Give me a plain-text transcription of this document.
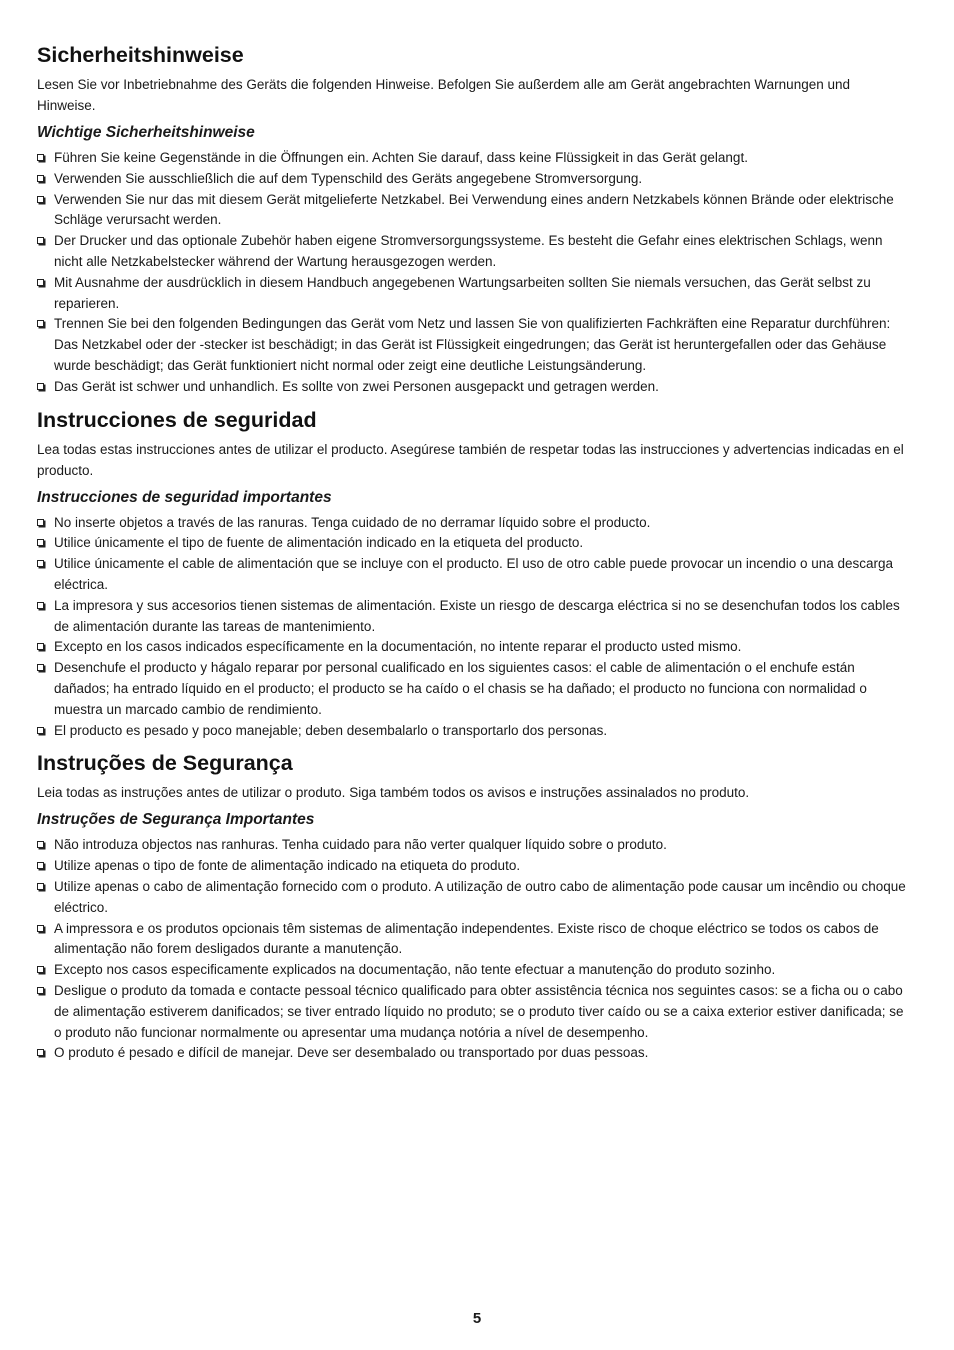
Sicherheitshinweise

Lesen Sie vor Inbetriebnahme des Geräts die folgenden Hinweise. Befolgen Sie außerdem alle am Gerät angebrachten Warnungen und Hinweise.

Wichtige Sicherheitshinweise
Führen Sie keine Gegenstände in die Öffnungen ein. Achten Sie darauf, dass keine Flüssigkeit in das Gerät gelangt.
Verwenden Sie ausschließlich die auf dem Typenschild des Geräts angegebene Stromversorgung.
Verwenden Sie nur das mit diesem Gerät mitgelieferte Netzkabel. Bei Verwendung eines andern Netzkabels können Brände oder elektrische Schläge verursacht werden.
Der Drucker und das optionale Zubehör haben eigene Stromversorgungssysteme. Es besteht die Gefahr eines elektrischen Schlags, wenn nicht alle Netzkabelstecker während der Wartung herausgezogen werden.
Mit Ausnahme der ausdrücklich in diesem Handbuch angegebenen Wartungsarbeiten sollten Sie niemals versuchen, das Gerät selbst zu reparieren.
Trennen Sie bei den folgenden Bedingungen das Gerät vom Netz und lassen Sie von qualifizierten Fachkräften eine Reparatur durchführen: Das Netzkabel oder der -stecker ist beschädigt; in das Gerät ist Flüssigkeit eingedrungen; das Gerät ist heruntergefallen oder das Gehäuse wurde beschädigt; das Gerät funktioniert nicht normal oder zeigt eine deutliche Leistungsänderung.
Das Gerät ist schwer und unhandlich. Es sollte von zwei Personen ausgepackt und getragen werden.
Instrucciones de seguridad

Lea todas estas instrucciones antes de utilizar el producto. Asegúrese también de respetar todas las instrucciones y advertencias indicadas en el producto.

Instrucciones de seguridad importantes
No inserte objetos a través de las ranuras. Tenga cuidado de no derramar líquido sobre el producto.
Utilice únicamente el tipo de fuente de alimentación indicado en la etiqueta del producto.
Utilice únicamente el cable de alimentación que se incluye con el producto. El uso de otro cable puede provocar un incendio o una descarga eléctrica.
La impresora y sus accesorios tienen sistemas de alimentación. Existe un riesgo de descarga eléctrica si no se desenchufan todos los cables de alimentación durante las tareas de mantenimiento.
Excepto en los casos indicados específicamente en la documentación, no intente reparar el producto usted mismo.
Desenchufe el producto y hágalo reparar por personal cualificado en los siguientes casos: el cable de alimentación o el enchufe están dañados; ha entrado líquido en el producto; el producto se ha caído o el chasis se ha dañado; el producto no funciona con normalidad o muestra un marcado cambio de rendimiento.
El producto es pesado y poco manejable; deben desembalarlo o transportarlo dos personas.
Instruções de Segurança

Leia todas as instruções antes de utilizar o produto. Siga também todos os avisos e instruções assinalados no produto.

Instruções de Segurança Importantes
Não introduza objectos nas ranhuras. Tenha cuidado para não verter qualquer líquido sobre o produto.
Utilize apenas o tipo de fonte de alimentação indicado na etiqueta do produto.
Utilize apenas o cabo de alimentação fornecido com o produto. A utilização de outro cabo de alimentação pode causar um incêndio ou choque eléctrico.
A impressora e os produtos opcionais têm sistemas de alimentação independentes. Existe risco de choque eléctrico se todos os cabos de alimentação não forem desligados durante a manutenção.
Excepto nos casos especificamente explicados na documentação, não tente efectuar a manutenção do produto sozinho.
Desligue o produto da tomada e contacte pessoal técnico qualificado para obter assistência técnica nos seguintes casos: se a ficha ou o cabo de alimentação estiverem danificados; se tiver entrado líquido no produto; se o produto tiver caído ou se a caixa exterior estiver danificada; se o produto não funcionar normalmente ou apresentar uma mudança notória a nível de desempenho.
O produto é pesado e difícil de manejar. Deve ser desembalado ou transportado por duas pessoas.
5
